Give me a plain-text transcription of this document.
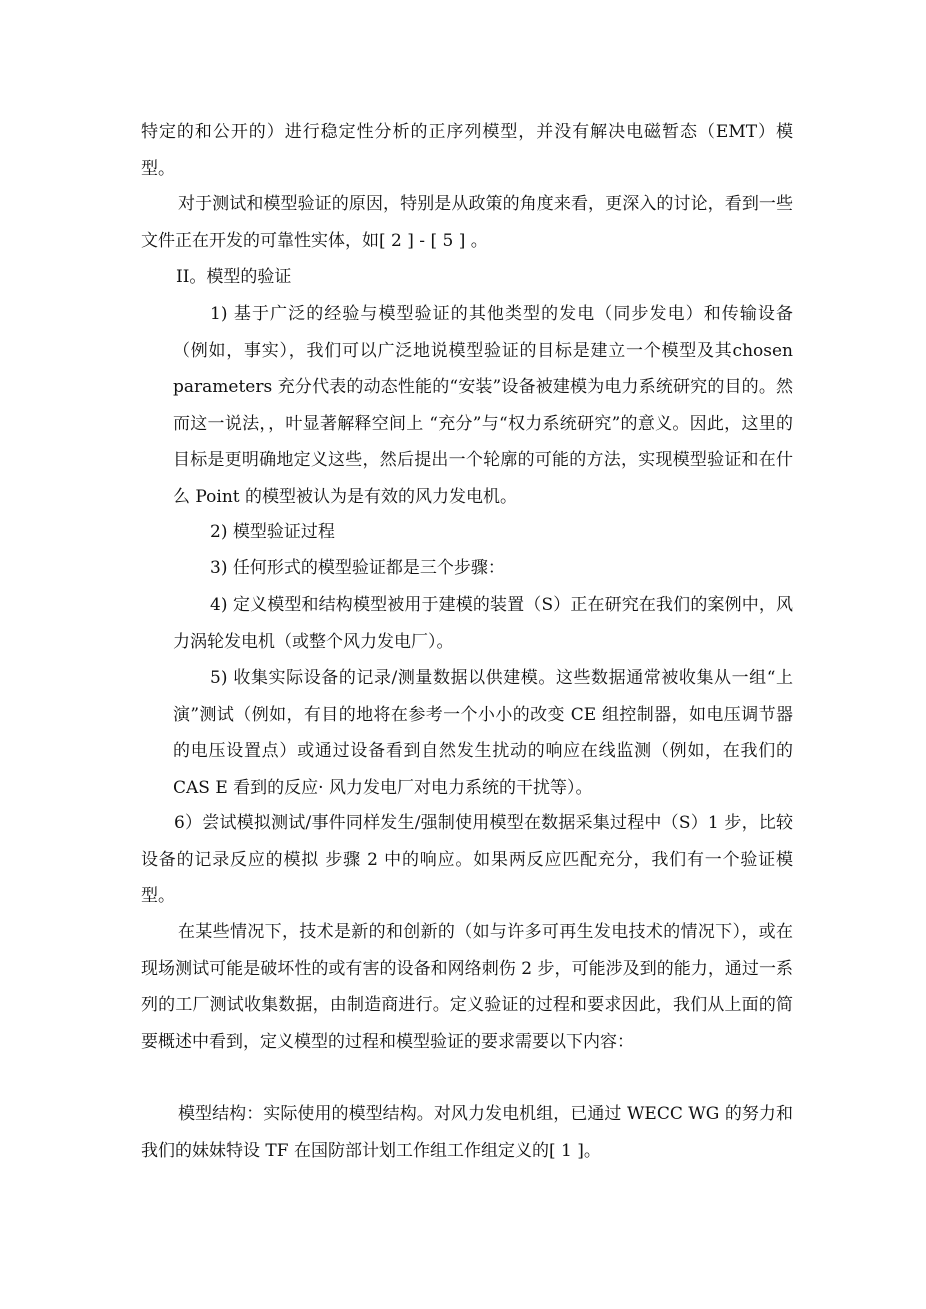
特定的和公开的）进行稳定性分析的正序列模型，并没有解决电磁暂态（EMT）模型。

对于测试和模型验证的原因，特别是从政策的角度来看，更深入的讨论，看到一些文件正在开发的可靠性实体，如[ 2 ] - [ 5 ] 。

II。模型的验证

1) 基于广泛的经验与模型验证的其他类型的发电（同步发电）和传输设备（例如，事实），我们可以广泛地说模型验证的目标是建立一个模型及其chosen parameters 充分代表的动态性能的“安装”设备被建模为电力系统研究的目的。然而这一说法，，叶显著解释空间上 “充分”与“权力系统研究”的意义。因此，这里的目标是更明确地定义这些，然后提出一个轮廓的可能的方法，实现模型验证和在什么 Point 的模型被认为是有效的风力发电机。

2) 模型验证过程

3) 任何形式的模型验证都是三个步骤：

4) 定义模型和结构模型被用于建模的装置（S）正在研究在我们的案例中，风力涡轮发电机（或整个风力发电厂）。

5) 收集实际设备的记录/测量数据以供建模。这些数据通常被收集从一组“上演”测试（例如，有目的地将在参考一个小小的改变 CE 组控制器，如电压调节器的电压设置点）或通过设备看到自然发生扰动的响应在线监测（例如，在我们的 CAS E 看到的反应· 风力发电厂对电力系统的干扰等）。

6）尝试模拟测试/事件同样发生/强制使用模型在数据采集过程中（S）1 步，比较设备的记录反应的模拟 步骤 2 中的响应。如果两反应匹配充分，我们有一个验证模型。

在某些情况下，技术是新的和创新的（如与许多可再生发电技术的情况下），或在现场测试可能是破坏性的或有害的设备和网络刺伤 2 步，可能涉及到的能力，通过一系列的工厂测试收集数据，由制造商进行。定义验证的过程和要求因此，我们从上面的简要概述中看到，定义模型的过程和模型验证的要求需要以下内容：

模型结构：实际使用的模型结构。对风力发电机组，已通过 WECC WG 的努力和我们的妹妹特设 TF 在国防部计划工作组工作组定义的[ 1 ]。
